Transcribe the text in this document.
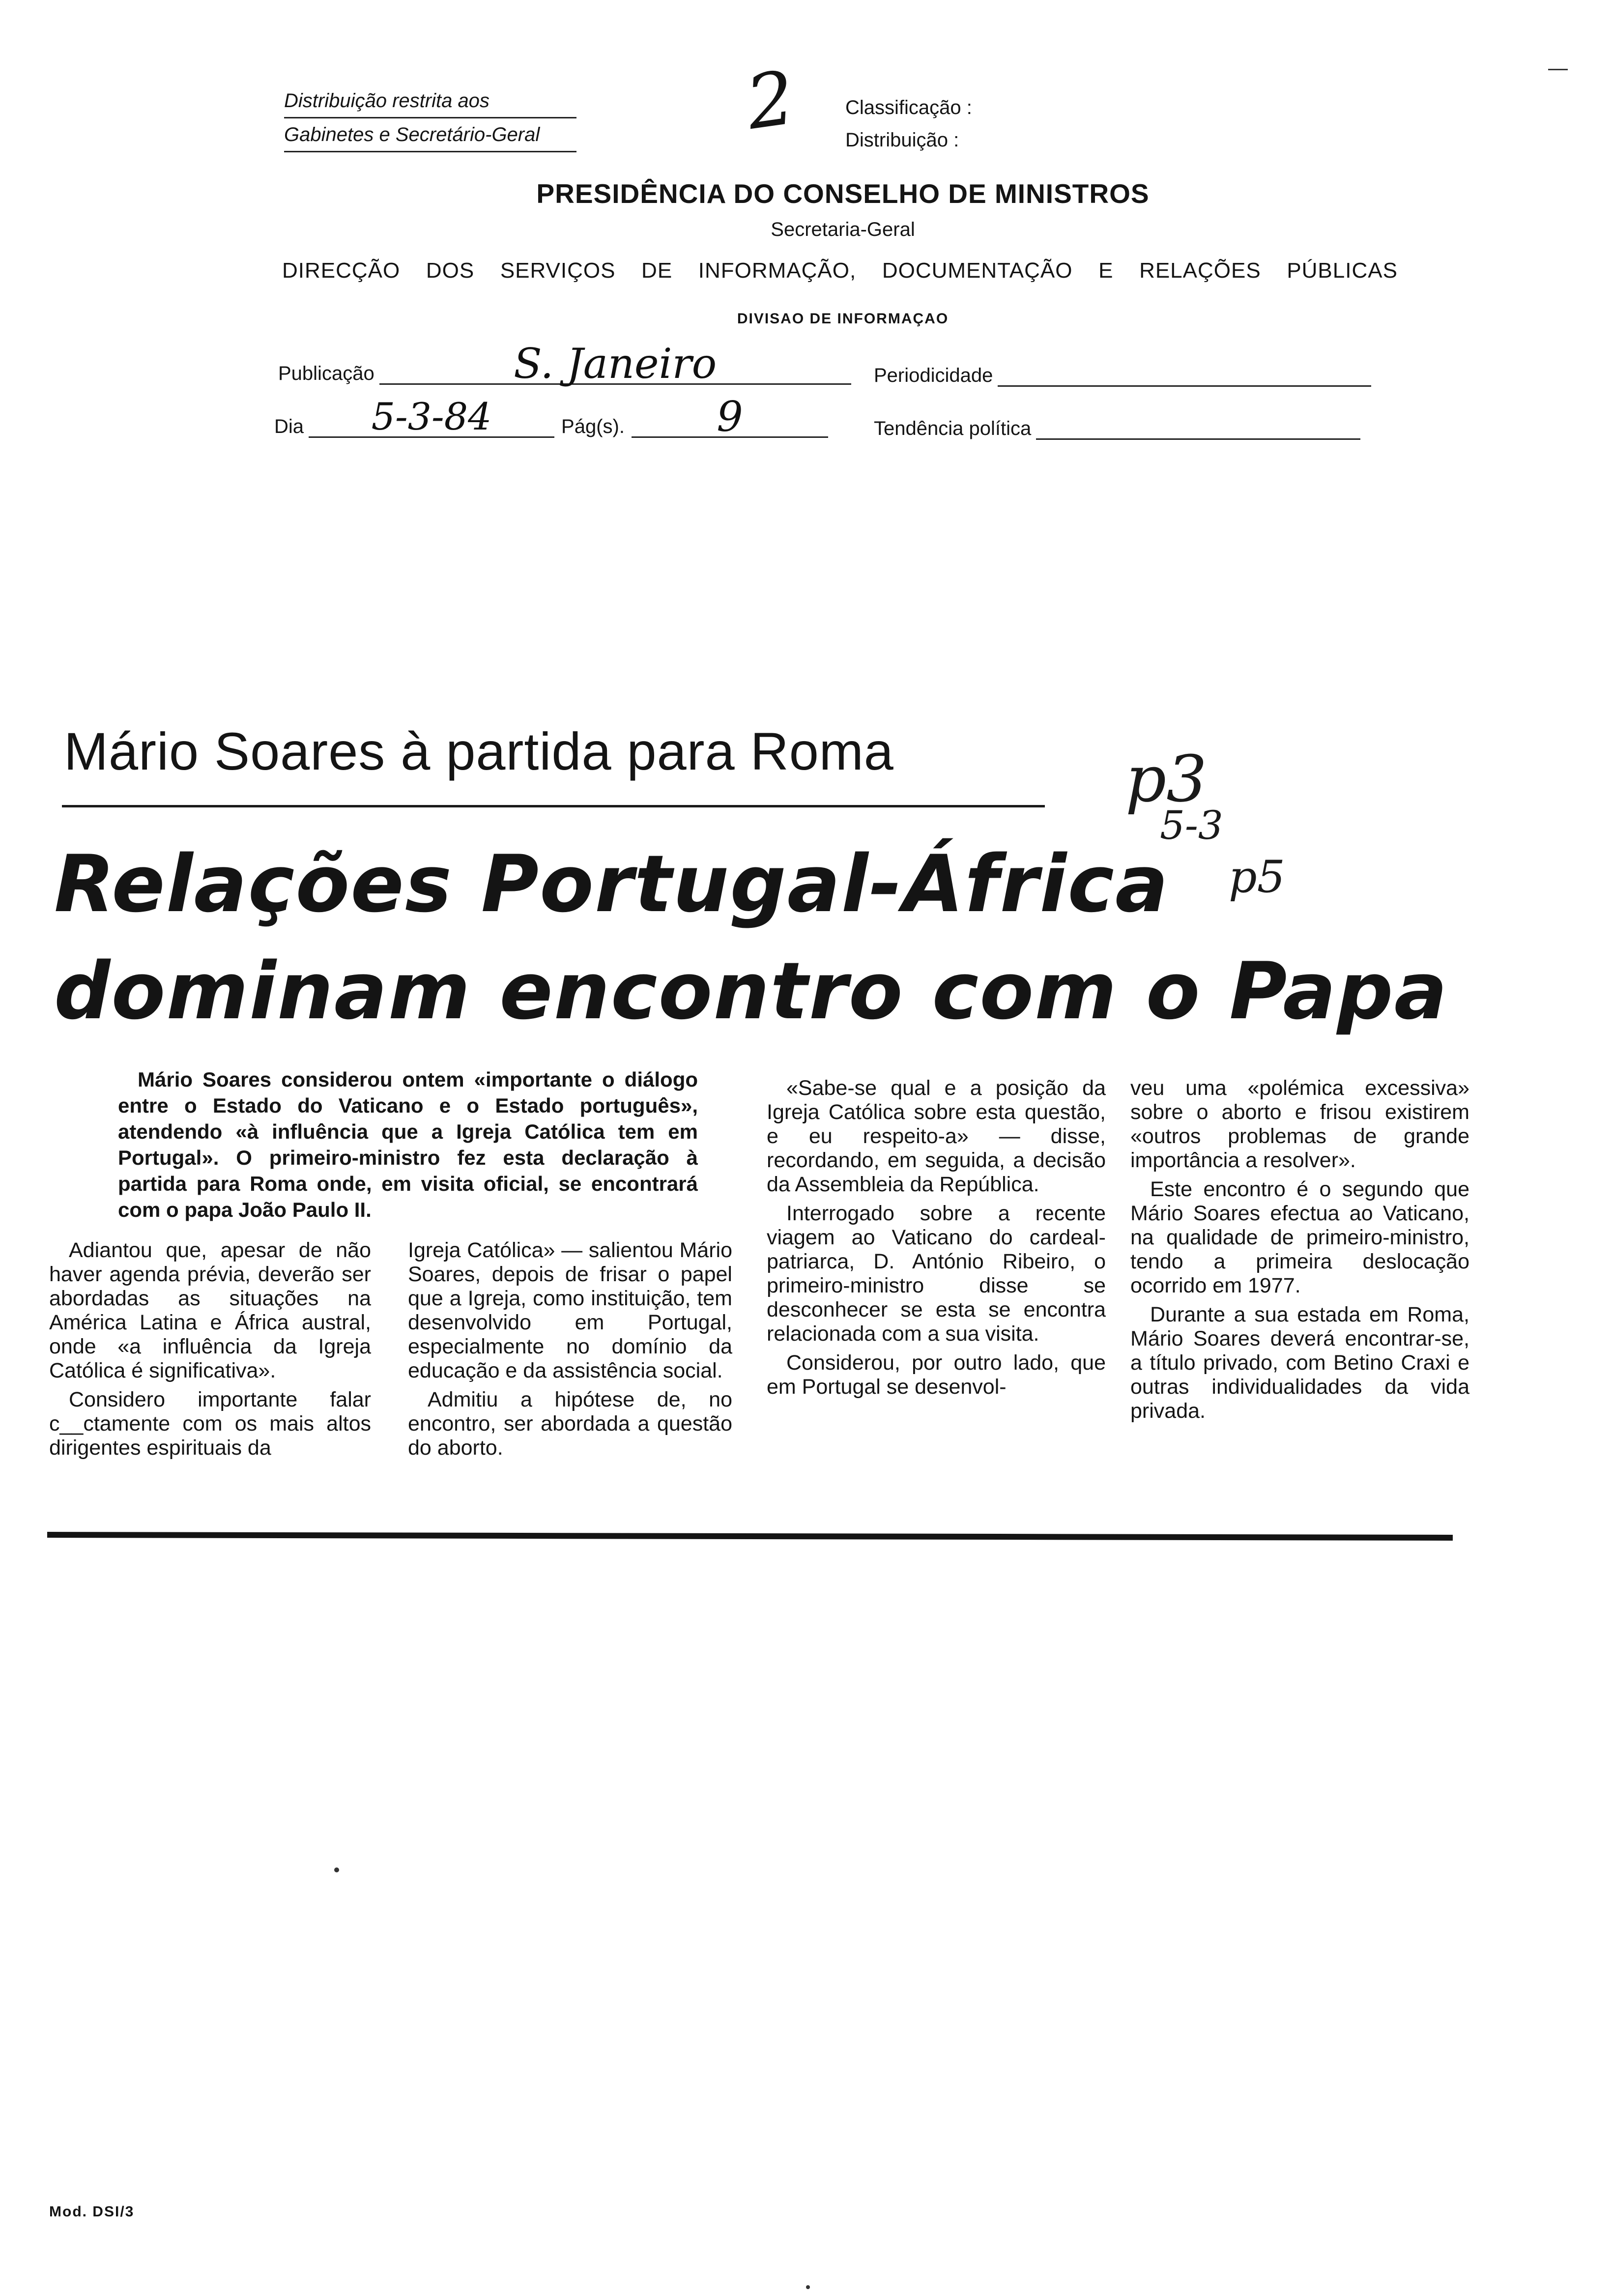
Distribuição restrita aos
Gabinetes e Secretário-Geral	2 Classificação :
Distribuição :
PRESIDÊNCIA DO CONSELHO DE MINISTROS
Secretaria-Geral
DIRECÇÃO DOS SERVIÇOS DE INFORMAÇÃO, DOCUMENTAÇÃO E RELAÇÕES PÚBLICAS
DIVISAO DE INFORMAÇAO
Publicação	S. Janeiro	Periodicidade
Dia	5-3-84	Pág(s).	9	Tendência política
Mário Soares à partida para Roma	p3
5-3
p5
Relações Portugal-África
dominam encontro com o Papa
Mário Soares considerou ontem «importante o diálogo entre o Estado do Vaticano e o Estado português», atendendo «à influência que a Igreja Católica tem em Portugal». O primeiro-ministro fez esta declaração à partida para Roma onde, em visita oficial, se encontrará com o papa João Paulo II.

Adiantou que, apesar de não haver agenda prévia, deverão ser abordadas as situações na América Latina e África austral, onde «a influência da Igreja Católica é significativa».

Considero importante falar c__ctamente com os mais altos dirigentes espirituais da

Igreja Católica» — salientou Mário Soares, depois de frisar o papel que a Igreja, como instituição, tem desenvolvido em Portugal, especialmente no domínio da educação e da assistência social.

Admitiu a hipótese de, no encontro, ser abordada a questão do aborto.

«Sabe-se qual e a posição da Igreja Católica sobre esta questão, e eu respeito-a» — disse, recordando, em seguida, a decisão da Assembleia da República.

Interrogado sobre a recente viagem ao Vaticano do cardeal-patriarca, D. António Ribeiro, o primeiro-ministro disse se desconhecer se esta se encontra relacionada com a sua visita.

Considerou, por outro lado, que em Portugal se desenvol-

veu uma «polémica excessiva» sobre o aborto e frisou existirem «outros problemas de grande importância a resolver».

Este encontro é o segundo que Mário Soares efectua ao Vaticano, na qualidade de primeiro-ministro, tendo a primeira deslocação ocorrido em 1977.

Durante a sua estada em Roma, Mário Soares deverá encontrar-se, a título privado, com Betino Craxi e outras individualidades da vida privada.

Mod. DSI/3
